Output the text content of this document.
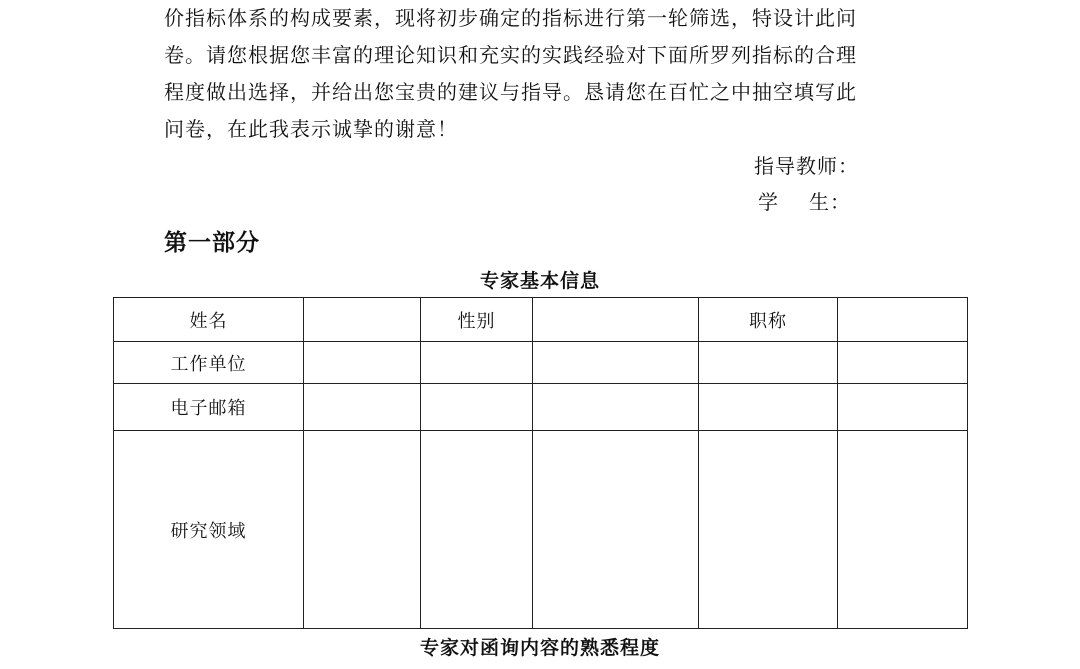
价指标体系的构成要素，现将初步确定的指标进行第一轮筛选，特设计此问
卷。请您根据您丰富的理论知识和充实的实践经验对下面所罗列指标的合理
程度做出选择，并给出您宝贵的建议与指导。恳请您在百忙之中抽空填写此
问卷，在此我表示诚挚的谢意！
指导教师：
学 生：
第一部分
专家基本信息
姓名		性别		职称	
工作单位					
电子邮箱					
研究领域					
专家对函询内容的熟悉程度
